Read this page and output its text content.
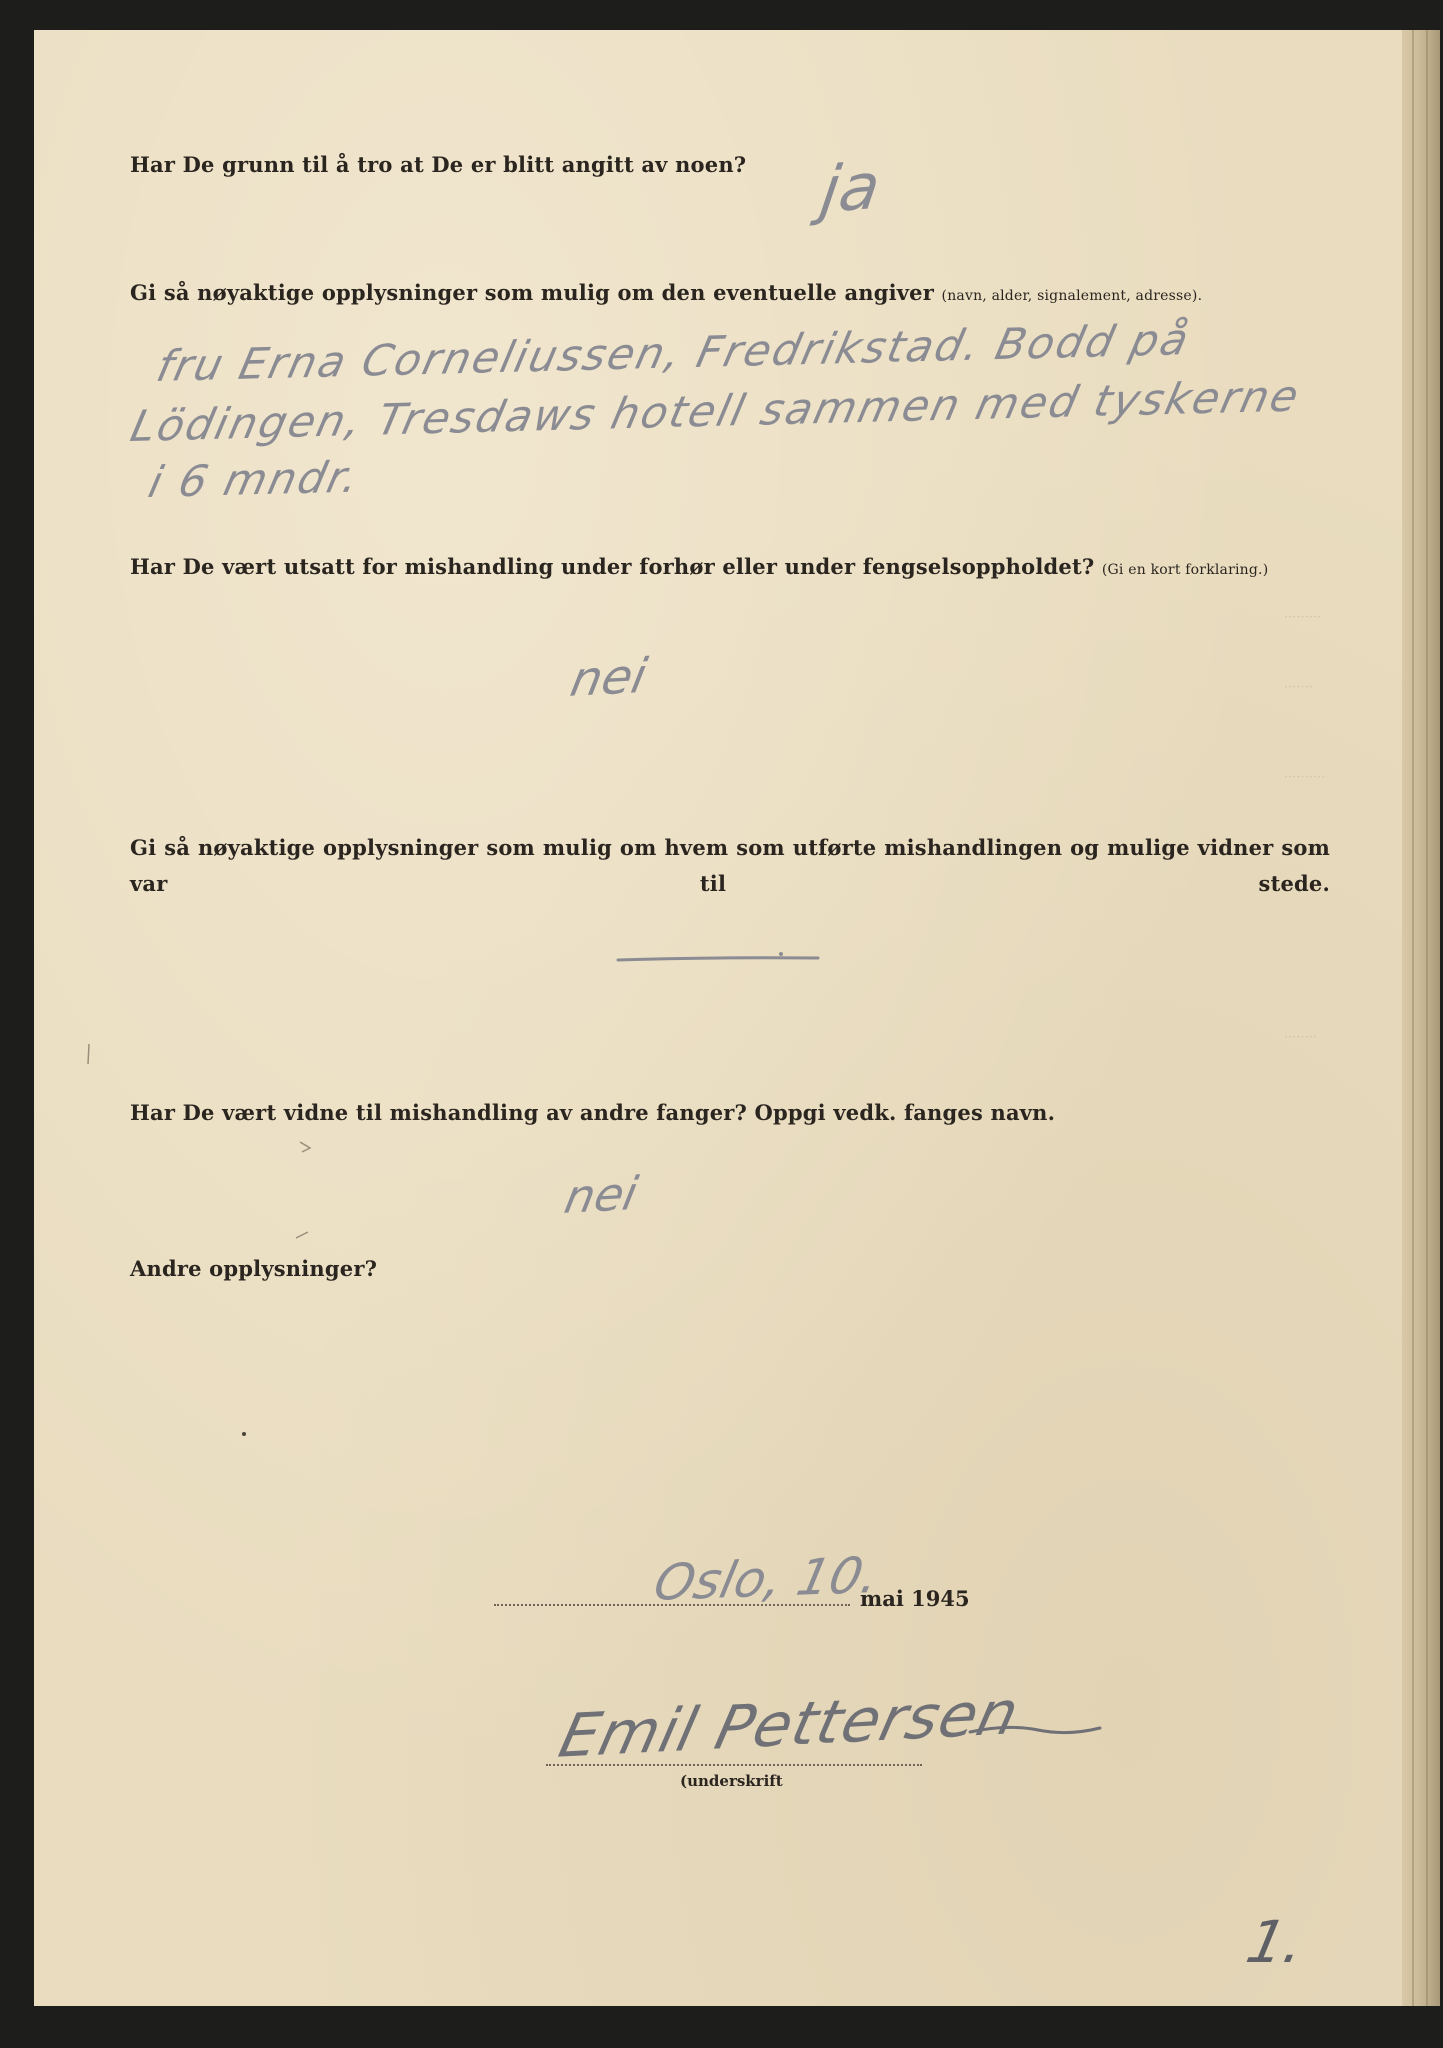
·········
·······
··········
········
Har De grunn til å tro at De er blitt angitt av noen? ja
Gi så nøyaktige opplysninger som mulig om den eventuelle angiver (navn, alder, signalement, adresse).
fru Erna Corneliussen, Fredrikstad. Bodd på
Lödingen, Tresdaws hotell sammen med tyskerne
i 6 mndr.
Har De vært utsatt for mishandling under forhør eller under fengselsoppholdet? (Gi en kort forklaring.)
nei
Gi så nøyaktige opplysninger som mulig om hvem som utførte mishandlingen og mulige vidner som var til stede.
Har De vært vidne til mishandling av andre fanger? Oppgi vedk. fanges navn.
nei
Andre opplysninger?
Oslo, 10.
mai 1945
Emil Pettersen
(underskrift
1.
